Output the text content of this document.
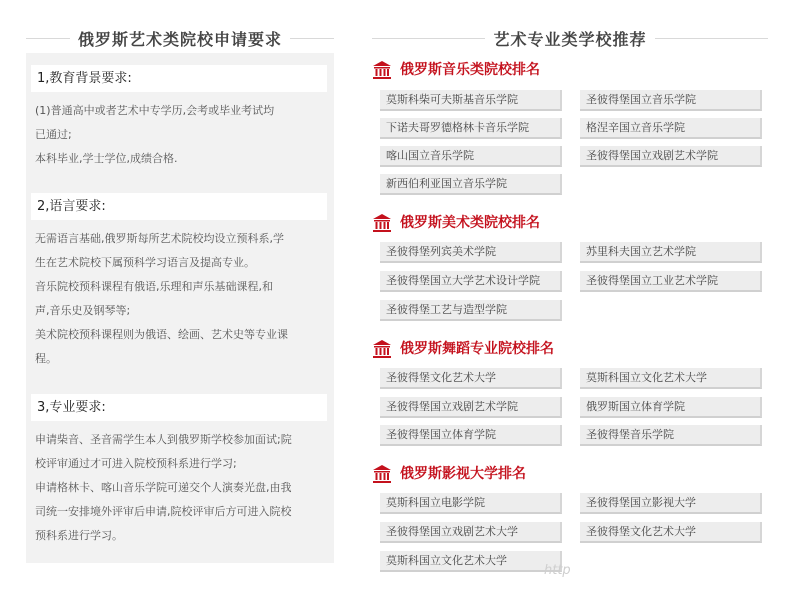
俄罗斯艺术类院校申请要求
1,教育背景要求:

(1)普通高中或者艺术中专学历,会考或毕业考试均

已通过;

本科毕业,学士学位,成绩合格.

2,语言要求:

无需语言基础,俄罗斯每所艺术院校均设立预科系,学

生在艺术院校下属预科学习语言及提高专业。

音乐院校预科课程有俄语,乐理和声乐基础课程,和

声,音乐史及钢琴等;

美术院校预科课程则为俄语、绘画、艺术史等专业课

程。

3,专业要求:

申请柴音、圣音需学生本人到俄罗斯学校参加面试;院

校评审通过才可进入院校预科系进行学习;

申请格林卡、喀山音乐学院可递交个人演奏光盘,由我

司统一安排境外评审后申请,院校评审后方可进入院校

预科系进行学习。

艺术专业类学校推荐
俄罗斯音乐类院校排名
莫斯科柴可夫斯基音乐学院	圣彼得堡国立音乐学院
下诺夫哥罗德格林卡音乐学院	格涅辛国立音乐学院
喀山国立音乐学院	圣彼得堡国立戏剧艺术学院
新西伯利亚国立音乐学院
俄罗斯美术类院校排名
圣彼得堡列宾美术学院	苏里科夫国立艺术学院
圣彼得堡国立大学艺术设计学院	圣彼得堡国立工业艺术学院
圣彼得堡工艺与造型学院
俄罗斯舞蹈专业院校排名
圣彼得堡文化艺术大学	莫斯科国立文化艺术大学
圣彼得堡国立戏剧艺术学院	俄罗斯国立体育学院
圣彼得堡国立体育学院	圣彼得堡音乐学院
俄罗斯影视大学排名
莫斯科国立电影学院	圣彼得堡国立影视大学
圣彼得堡国立戏剧艺术大学	圣彼得堡文化艺术大学
莫斯科国立文化艺术大学
http
